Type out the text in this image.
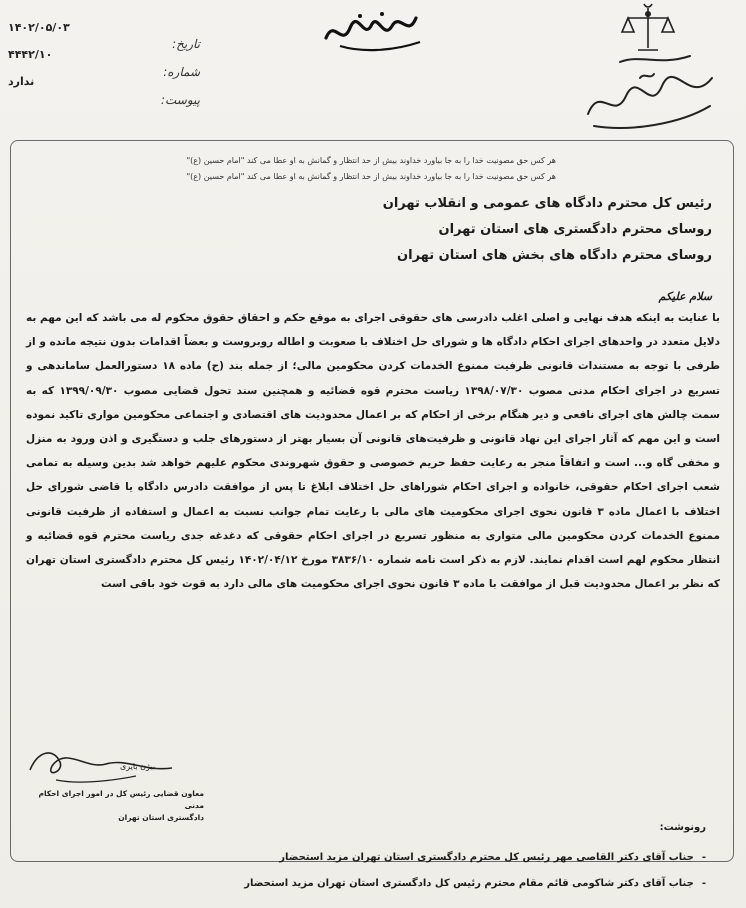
۱۴۰۲/۰۵/۰۳
۴۴۴۲/۱۰
ندارد
تاریخ:
شماره:
پیوست:
هر کس حق مصونیت خدا را به جا بیاورد خداوند بیش از حد انتظار و گمانش به او عطا می کند "امام حسین (ع)"
هر کس حق مصونیت خدا را به جا بیاورد خداوند بیش از حد انتظار و گمانش به او عطا می کند "امام حسین (ع)"
رئیس کل محترم دادگاه های عمومی و انقلاب تهران
روسای محترم دادگستری های استان تهران
روسای محترم دادگاه های بخش های استان تهران
سلام علیکم
با عنایت به اینکه هدف نهایی و اصلی اغلب دادرسی های حقوقی اجرای به موقع حکم و احقاق حقوق محکوم له می باشد که این مهم به دلایل متعدد در واحدهای اجرای احکام دادگاه ها و شورای حل اختلاف با صعوبت و اطاله روبروست و بعضاً اقدامات بدون نتیجه مانده و از طرفی با توجه به مستندات قانونی ظرفیت ممنوع الخدمات کردن محکومین مالی؛ از جمله بند (ح) ماده ۱۸ دستورالعمل ساماندهی و تسریع در اجرای احکام مدنی مصوب ۱۳۹۸/۰۷/۳۰ ریاست محترم قوه قضائیه و همچنین سند تحول قضایی مصوب ۱۳۹۹/۰۹/۳۰ که به سمت چالش های اجرای نافعی و دیر هنگام برخی از احکام که بر اعمال محدودیت های اقتصادی و اجتماعی محکومین مواری تاکید نموده است و این مهم که آثار اجرای این نهاد قانونی و ظرفیت‌های قانونی آن بسیار بهتر از دستورهای جلب و دستگیری و اذن ورود به منزل و مخفی گاه و... است و اتفاقاً منجر به رعایت حفظ حریم خصوصی و حقوق شهروندی محکوم علیهم خواهد شد بدین وسیله به تمامی شعب اجرای احکام حقوقی، خانواده و اجرای احکام شوراهای حل اختلاف ابلاغ تا پس از موافقت دادرس دادگاه یا قاضی شورای حل اختلاف با اعمال ماده ۳ قانون نحوی اجرای محکومیت های مالی با رعایت تمام جوانب نسبت به اعمال و استفاده از ظرفیت قانونی ممنوع الخدمات کردن محکومین مالی متواری به منظور تسریع در اجرای احکام حقوقی که دغدغه جدی ریاست محترم قوه قضائیه و انتظار محکوم لهم است اقدام نمایند. لازم به ذکر است نامه شماره ۳۸۳۶/۱۰ مورخ ۱۴۰۲/۰۴/۱۲ رئیس کل محترم دادگستری استان تهران که نظر بر اعمال محدودیت قبل از موافقت با ماده ۳ قانون نحوی اجرای محکومیت های مالی دارد به قوت خود باقی است
بیژن بایری
معاون قضایی رئیس کل در امور اجرای احکام مدنی
دادگستری استان تهران
رونوشت:
-جناب آقای دکتر القاصی مهر رئیس کل محترم دادگستری استان تهران مزید استحضار
-جناب آقای دکتر شاکومی قائم مقام محترم رئیس کل دادگستری استان تهران مزید استحضار
